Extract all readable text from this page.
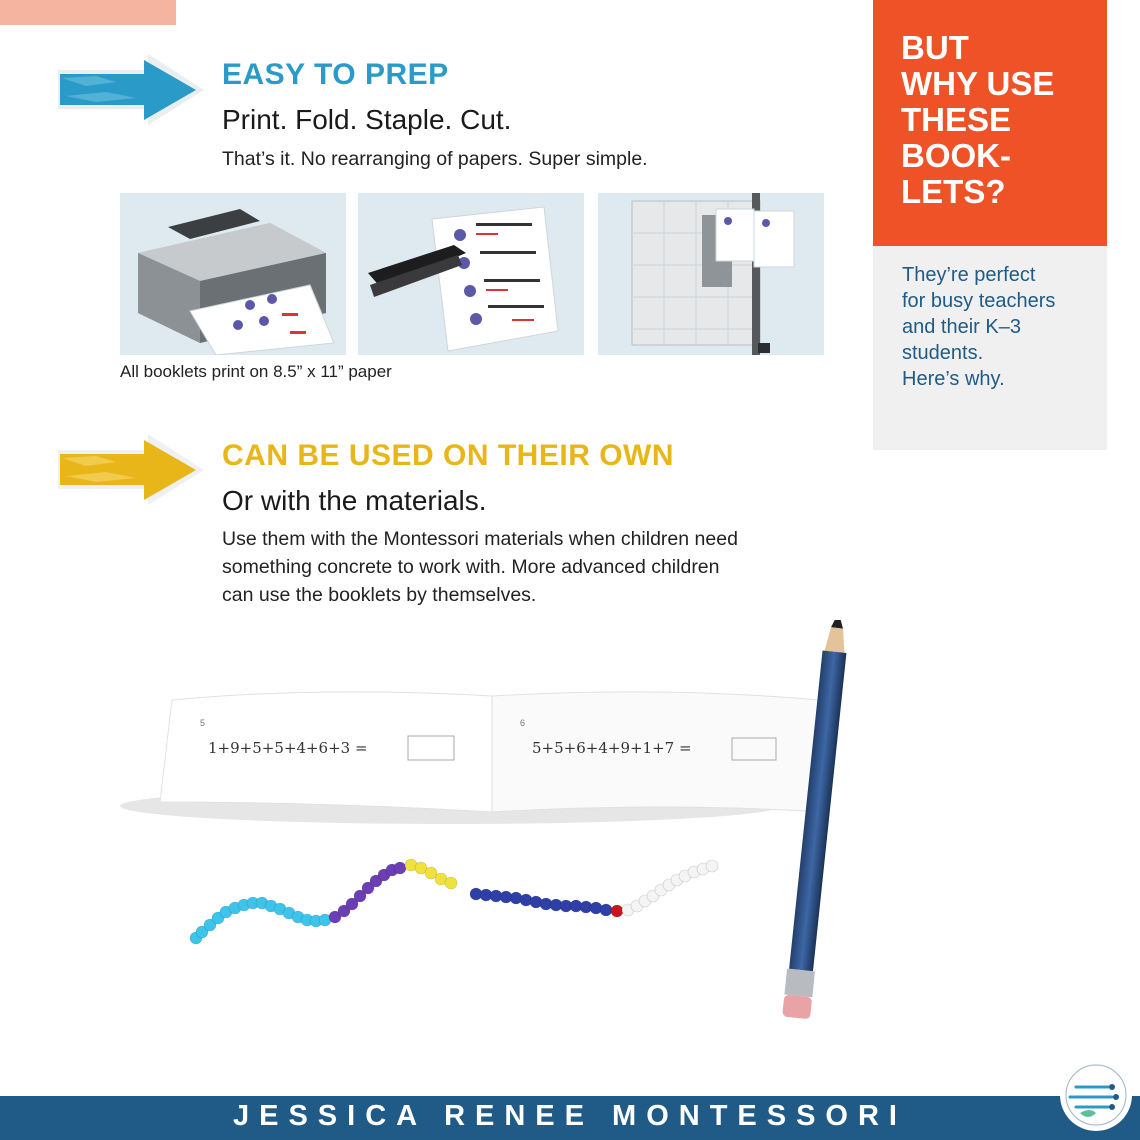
EASY TO PREP
Print. Fold. Staple. Cut.
That’s it. No rearranging of papers. Super simple.
All booklets print on 8.5” x 11” paper
CAN BE USED ON THEIR OWN
Or with the materials.
Use them with the Montessori materials when children need
something concrete to work with. More advanced children
can use the booklets by themselves.
BUT
WHY USE
THESE
BOOK-
LETS?
They’re perfect
for busy teachers
and their K–3
students.
Here’s why.
5	6
1+9+5+5+4+6+3 =	5+5+6+4+9+1+7 =
JESSICA RENEE MONTESSORI
